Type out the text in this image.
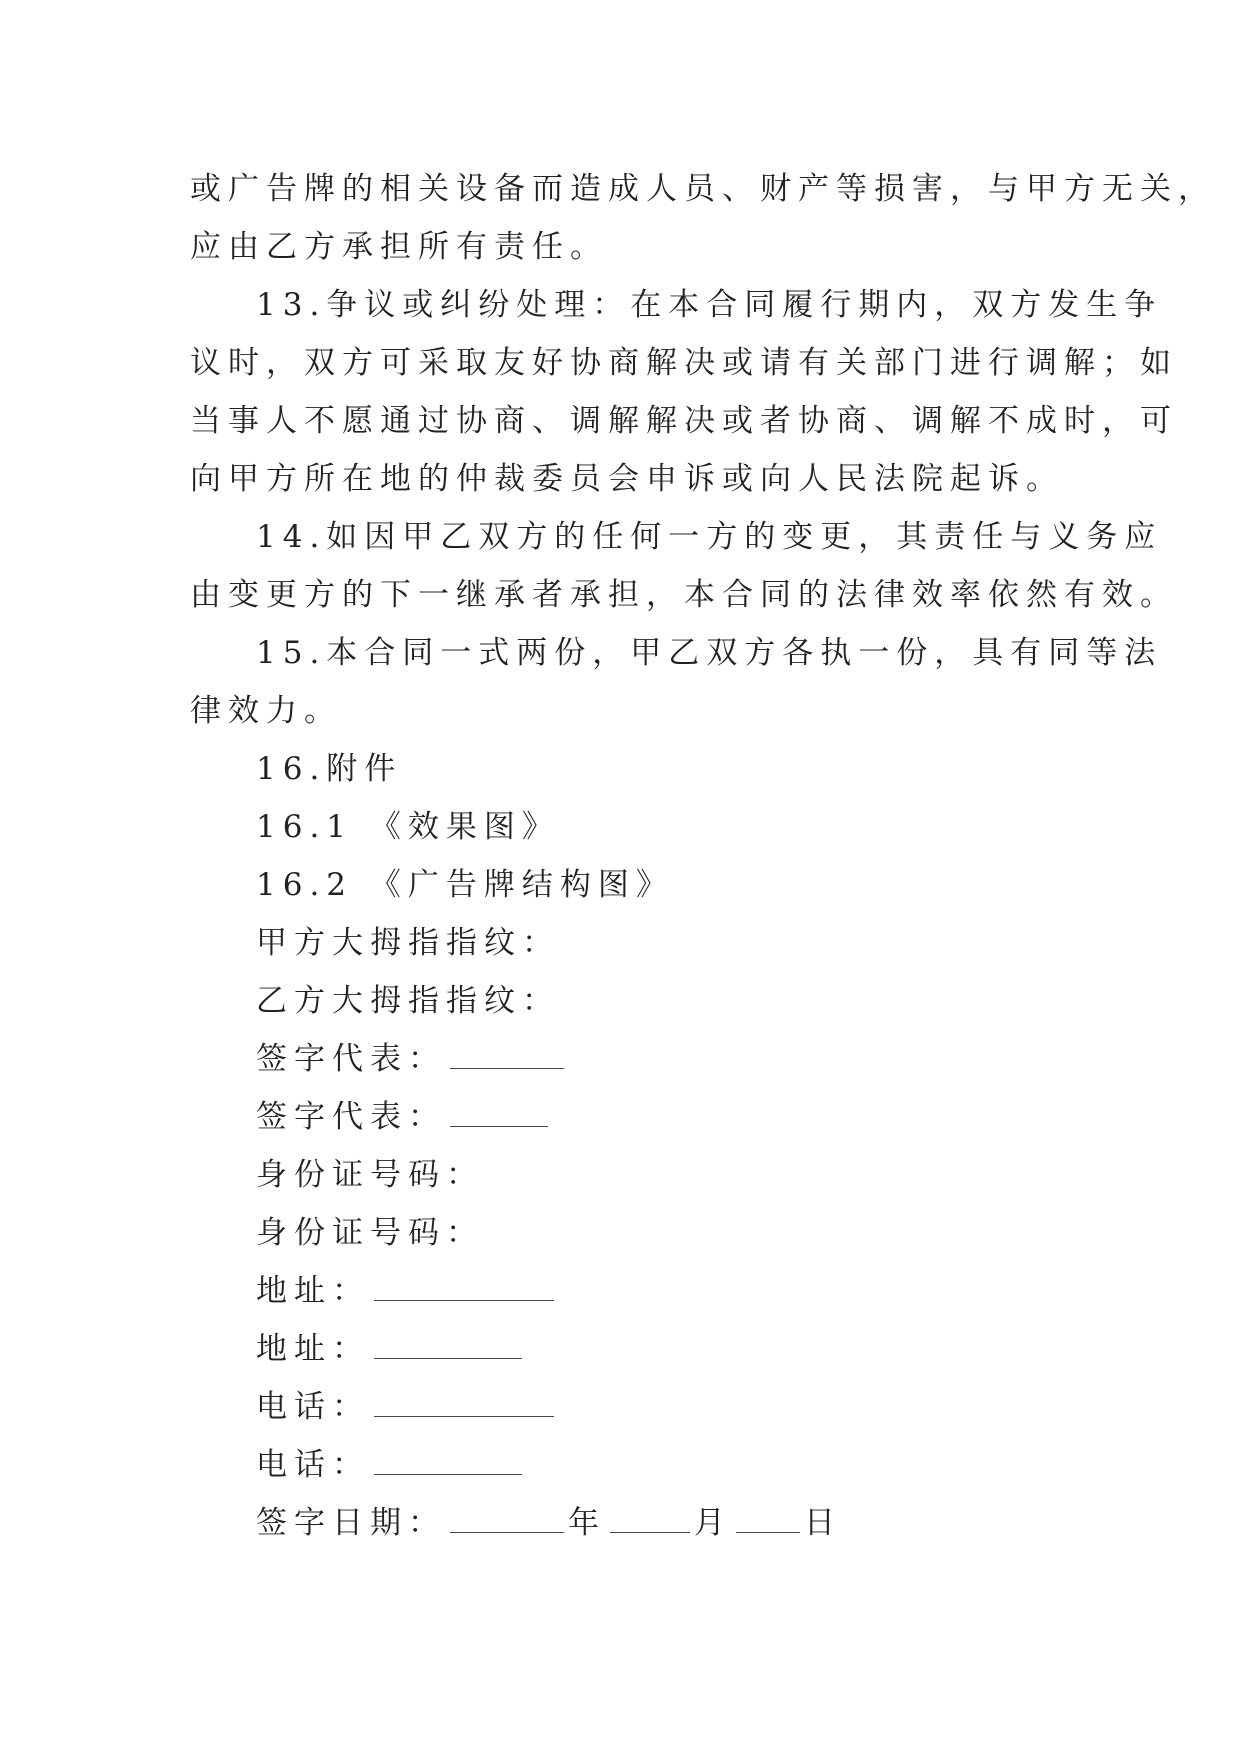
或广告牌的相关设备而造成人员、财产等损害，与甲方无关，
应由乙方承担所有责任。
13.争议或纠纷处理：在本合同履行期内，双方发生争
议时，双方可采取友好协商解决或请有关部门进行调解；如
当事人不愿通过协商、调解解决或者协商、调解不成时，可
向甲方所在地的仲裁委员会申诉或向人民法院起诉。
14.如因甲乙双方的任何一方的变更，其责任与义务应
由变更方的下一继承者承担，本合同的法律效率依然有效。
15.本合同一式两份，甲乙双方各执一份，具有同等法
律效力。
16.附件
16.1 《效果图》
16.2 《广告牌结构图》
甲方大拇指指纹：
乙方大拇指指纹：
签字代表：
签字代表：
身份证号码：
身份证号码：
地址：
地址：
电话：
电话：
签字日期：	年	月 日
